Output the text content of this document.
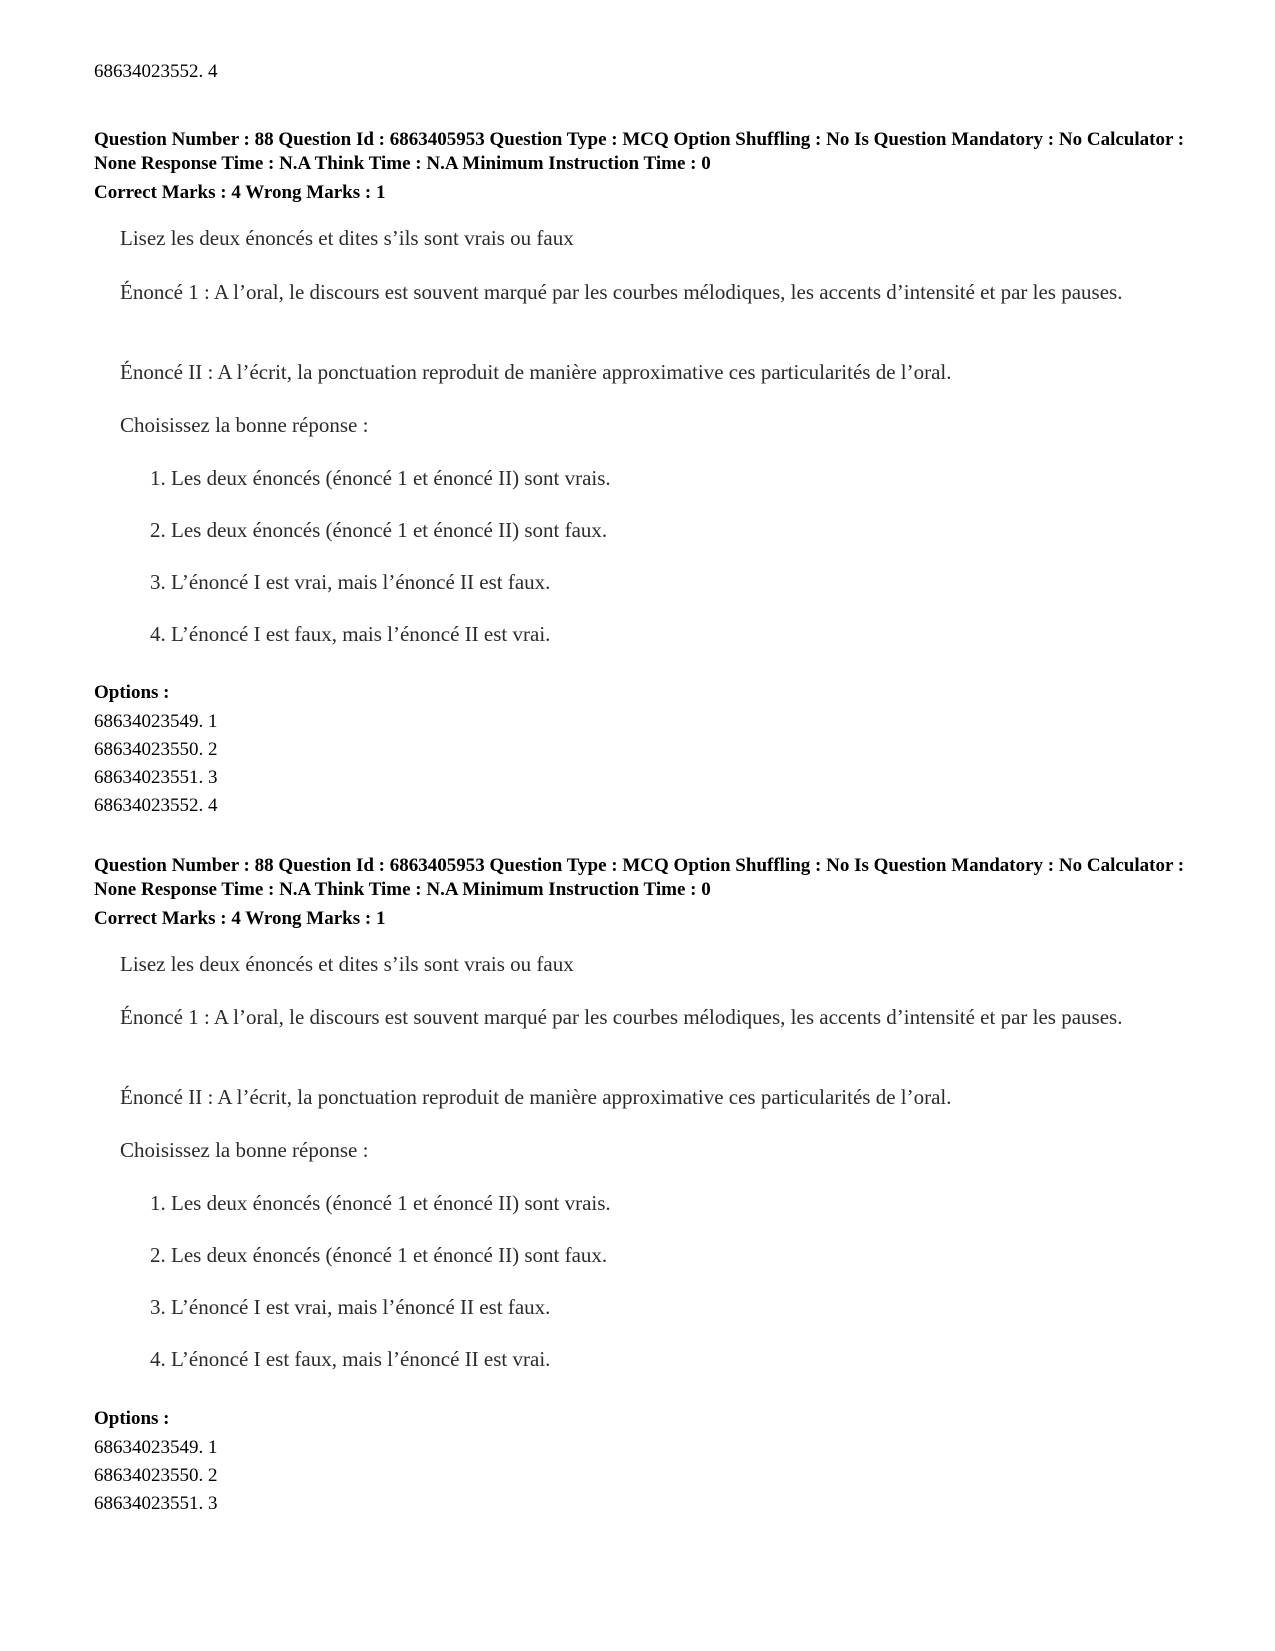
68634023552. 4

Question Number : 88 Question Id : 6863405953 Question Type : MCQ Option Shuffling : No Is Question Mandatory : No Calculator : None Response Time : N.A Think Time : N.A Minimum Instruction Time : 0

Correct Marks : 4 Wrong Marks : 1

Lisez les deux énoncés et dites s’ils sont vrais ou faux

Énoncé 1 : A l’oral, le discours est souvent marqué par les courbes mélodiques, les accents d’intensité et par les pauses.

Énoncé II : A l’écrit, la ponctuation reproduit de manière approximative ces particularités de l’oral.

Choisissez la bonne réponse :

1. Les deux énoncés (énoncé 1 et énoncé II) sont vrais.

2. Les deux énoncés (énoncé 1 et énoncé II) sont faux.

3. L’énoncé I est vrai, mais l’énoncé II est faux.

4. L’énoncé I est faux, mais l’énoncé II est vrai.

Options :

68634023549. 1

68634023550. 2

68634023551. 3

68634023552. 4

Question Number : 88 Question Id : 6863405953 Question Type : MCQ Option Shuffling : No Is Question Mandatory : No Calculator : None Response Time : N.A Think Time : N.A Minimum Instruction Time : 0

Correct Marks : 4 Wrong Marks : 1

Lisez les deux énoncés et dites s’ils sont vrais ou faux

Énoncé 1 : A l’oral, le discours est souvent marqué par les courbes mélodiques, les accents d’intensité et par les pauses.

Énoncé II : A l’écrit, la ponctuation reproduit de manière approximative ces particularités de l’oral.

Choisissez la bonne réponse :

1. Les deux énoncés (énoncé 1 et énoncé II) sont vrais.

2. Les deux énoncés (énoncé 1 et énoncé II) sont faux.

3. L’énoncé I est vrai, mais l’énoncé II est faux.

4. L’énoncé I est faux, mais l’énoncé II est vrai.

Options :

68634023549. 1

68634023550. 2

68634023551. 3
